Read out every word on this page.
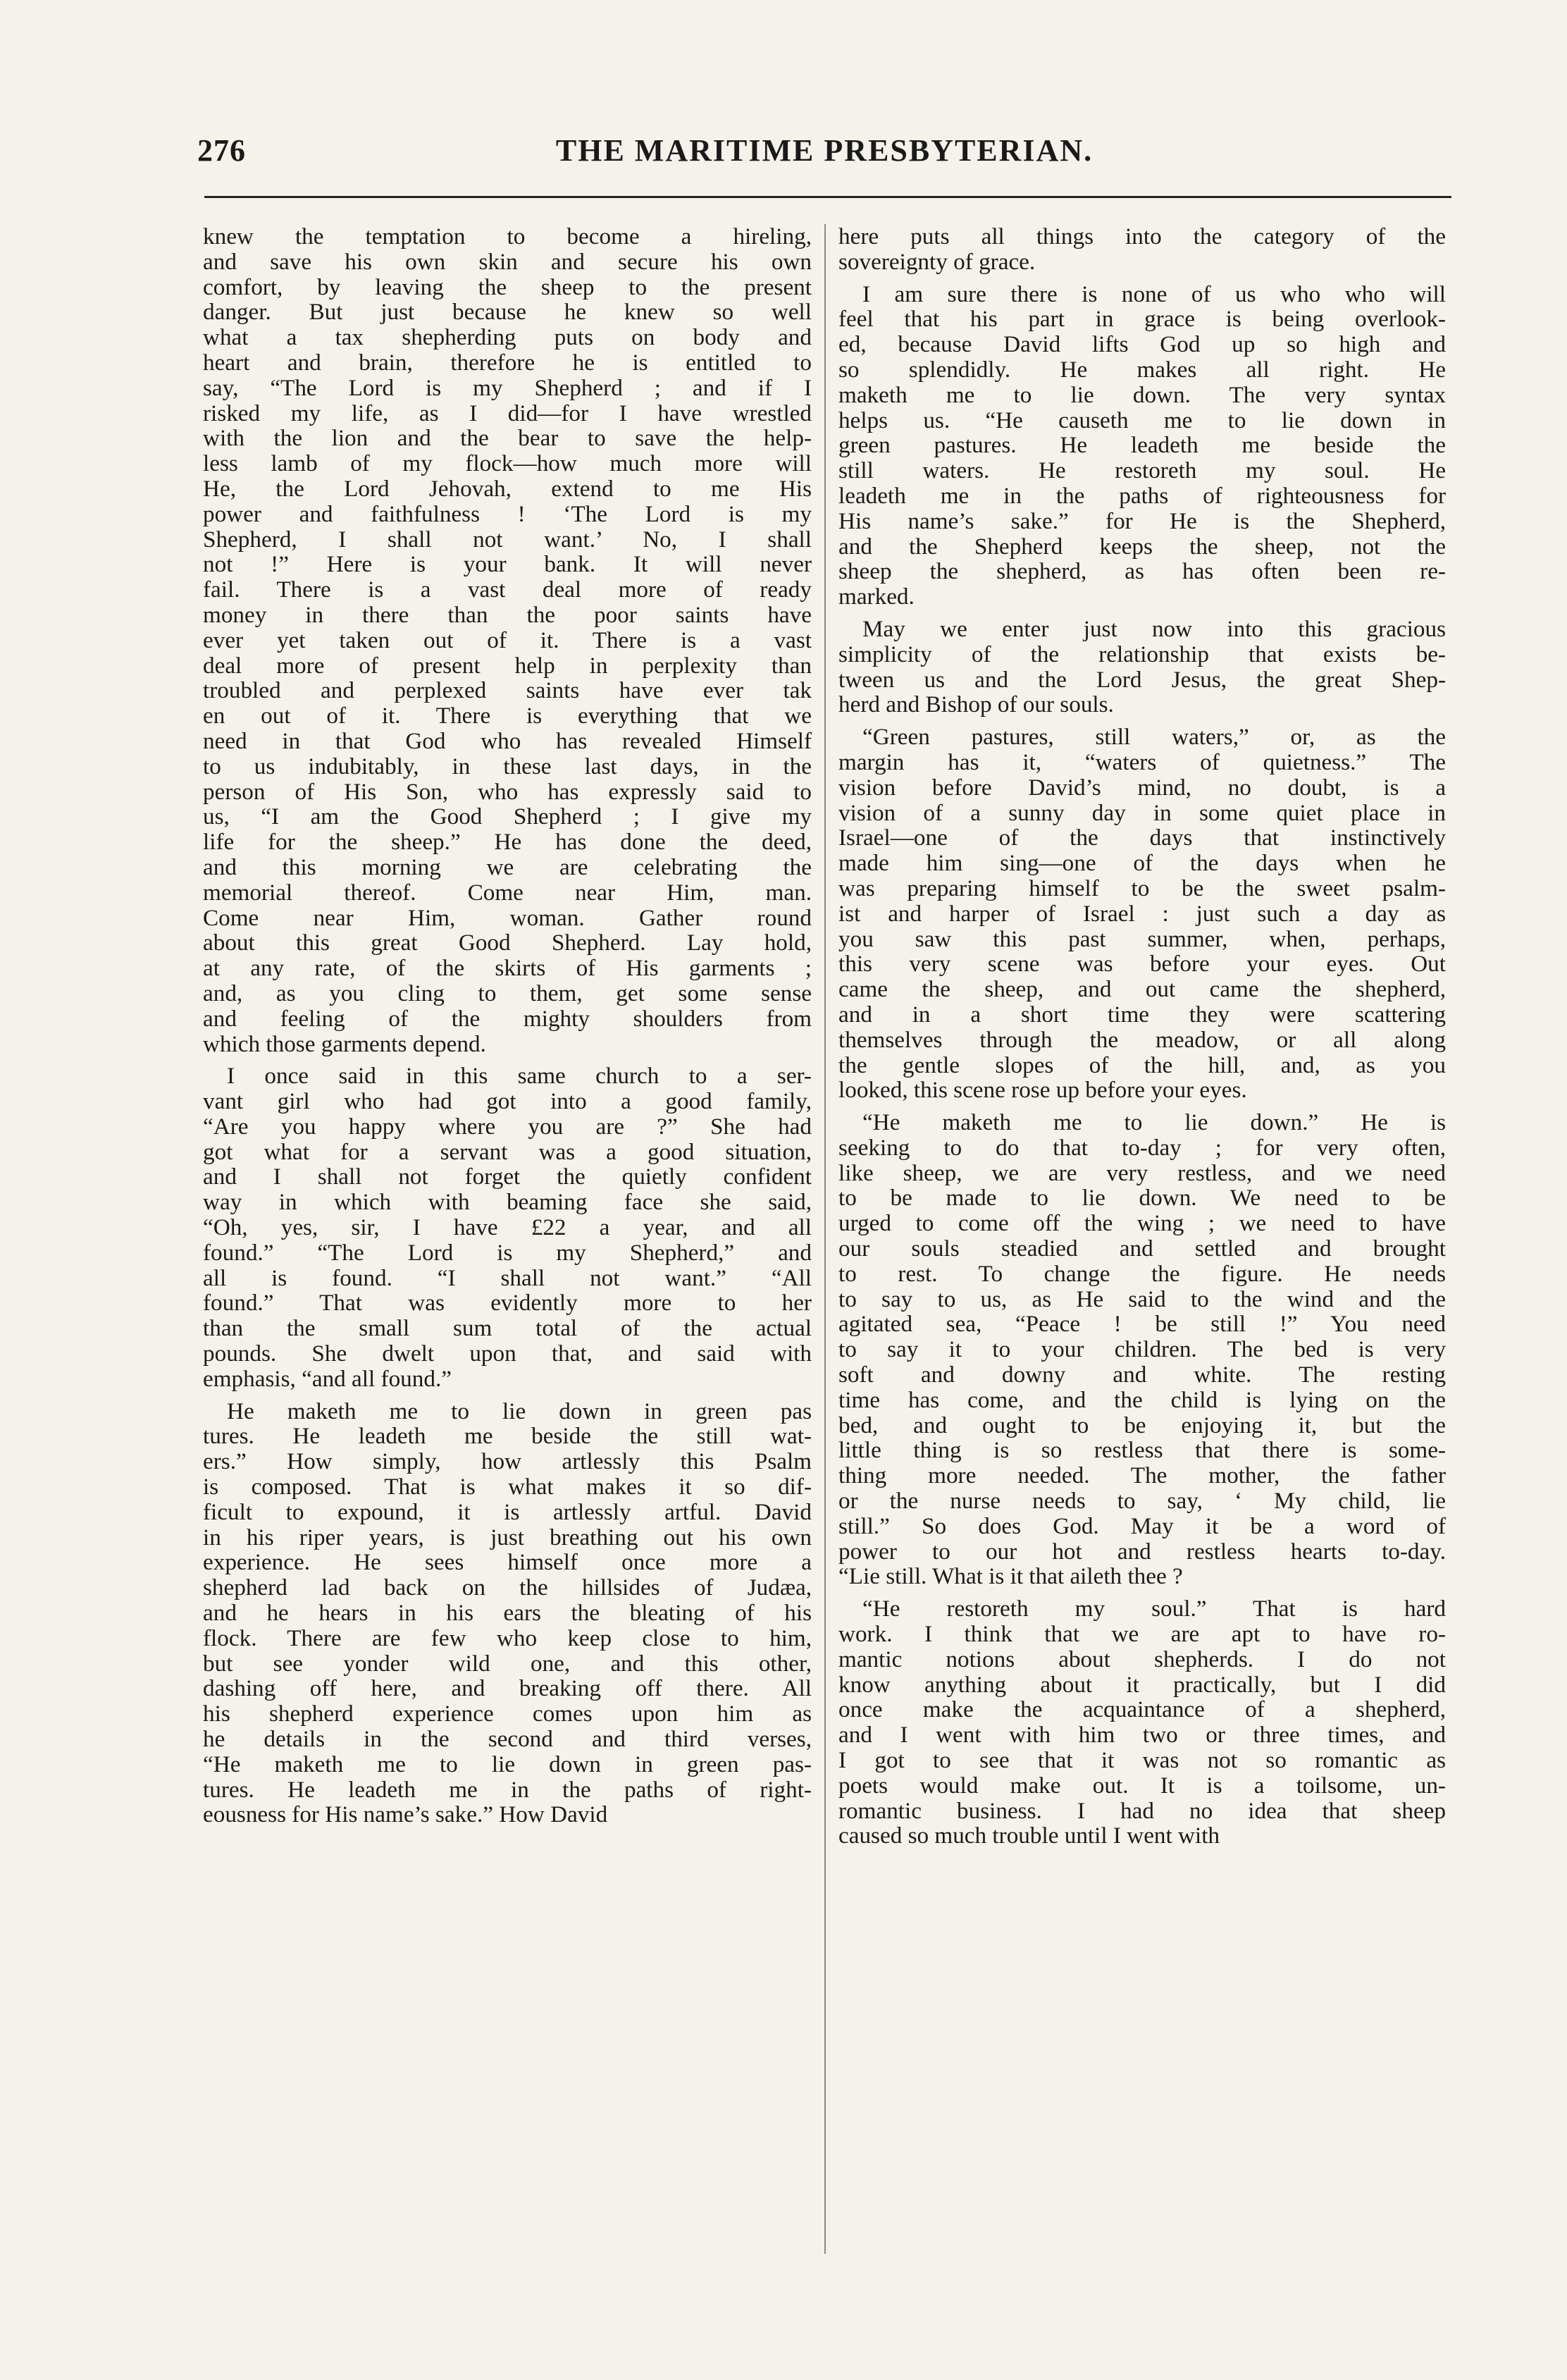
276	THE MARITIME PRESBYTERIAN.

knew the temptation to become a hireling,
and save his own skin and secure his own
comfort, by leaving the sheep to the present
danger. But just because he knew so well
what a tax shepherding puts on body and
heart and brain, therefore he is entitled to
say, “The Lord is my Shepherd ; and if I
risked my life, as I did—for I have wrestled
with the lion and the bear to save the help-
less lamb of my flock—how much more will
He, the Lord Jehovah, extend to me His
power and faithfulness ! ‘The Lord is my
Shepherd, I shall not want.’ No, I shall
not !” Here is your bank. It will never
fail. There is a vast deal more of ready
money in there than the poor saints have
ever yet taken out of it. There is a vast
deal more of present help in perplexity than
troubled and perplexed saints have ever tak
en out of it. There is everything that we
need in that God who has revealed Himself
to us indubitably, in these last days, in the
person of His Son, who has expressly said to
us, “I am the Good Shepherd ; I give my
life for the sheep.” He has done the deed,
and this morning we are celebrating the
memorial thereof. Come near Him, man.
Come near Him, woman. Gather round
about this great Good Shepherd. Lay hold,
at any rate, of the skirts of His garments ;
and, as you cling to them, get some sense
and feeling of the mighty shoulders from
which those garments depend.

I once said in this same church to a ser-
vant girl who had got into a good family,
“Are you happy where you are ?” She had
got what for a servant was a good situation,
and I shall not forget the quietly confident
way in which with beaming face she said,
“Oh, yes, sir, I have £22 a year, and all
found.” “The Lord is my Shepherd,” and
all is found. “I shall not want.” “All
found.” That was evidently more to her
than the small sum total of the actual
pounds. She dwelt upon that, and said with
emphasis, “and all found.”

He maketh me to lie down in green pas
tures. He leadeth me beside the still wat-
ers.” How simply, how artlessly this Psalm
is composed. That is what makes it so dif-
ficult to expound, it is artlessly artful. David
in his riper years, is just breathing out his own
experience. He sees himself once more a
shepherd lad back on the hillsides of Judæa,
and he hears in his ears the bleating of his
flock. There are few who keep close to him,
but see yonder wild one, and this other,
dashing off here, and breaking off there. All
his shepherd experience comes upon him as
he details in the second and third verses,
“He maketh me to lie down in green pas-
tures. He leadeth me in the paths of right-
eousness for His name’s sake.” How David

here puts all things into the category of the
sovereignty of grace.

I am sure there is none of us who who will
feel that his part in grace is being overlook-
ed, because David lifts God up so high and
so splendidly. He makes all right. He
maketh me to lie down. The very syntax
helps us. “He causeth me to lie down in
green pastures. He leadeth me beside the
still waters. He restoreth my soul. He
leadeth me in the paths of righteousness for
His name’s sake.” for He is the Shepherd,
and the Shepherd keeps the sheep, not the
sheep the shepherd, as has often been re-
marked.

May we enter just now into this gracious
simplicity of the relationship that exists be-
tween us and the Lord Jesus, the great Shep-
herd and Bishop of our souls.

“Green pastures, still waters,” or, as the
margin has it, “waters of quietness.” The
vision before David’s mind, no doubt, is a
vision of a sunny day in some quiet place in
Israel—one of the days that instinctively
made him sing—one of the days when he
was preparing himself to be the sweet psalm-
ist and harper of Israel : just such a day as
you saw this past summer, when, perhaps,
this very scene was before your eyes. Out
came the sheep, and out came the shepherd,
and in a short time they were scattering
themselves through the meadow, or all along
the gentle slopes of the hill, and, as you
looked, this scene rose up before your eyes.

“He maketh me to lie down.” He is
seeking to do that to-day ; for very often,
like sheep, we are very restless, and we need
to be made to lie down. We need to be
urged to come off the wing ; we need to have
our souls steadied and settled and brought
to rest. To change the figure. He needs
to say to us, as He said to the wind and the
agitated sea, “Peace ! be still !” You need
to say it to your children. The bed is very
soft and downy and white. The resting
time has come, and the child is lying on the
bed, and ought to be enjoying it, but the
little thing is so restless that there is some-
thing more needed. The mother, the father
or the nurse needs to say, ‘ My child, lie
still.” So does God. May it be a word of
power to our hot and restless hearts to-day.
“Lie still. What is it that aileth thee ?

“He restoreth my soul.” That is hard
work. I think that we are apt to have ro-
mantic notions about shepherds. I do not
know anything about it practically, but I did
once make the acquaintance of a shepherd,
and I went with him two or three times, and
I got to see that it was not so romantic as
poets would make out. It is a toilsome, un-
romantic business. I had no idea that sheep
caused so much trouble until I went with
